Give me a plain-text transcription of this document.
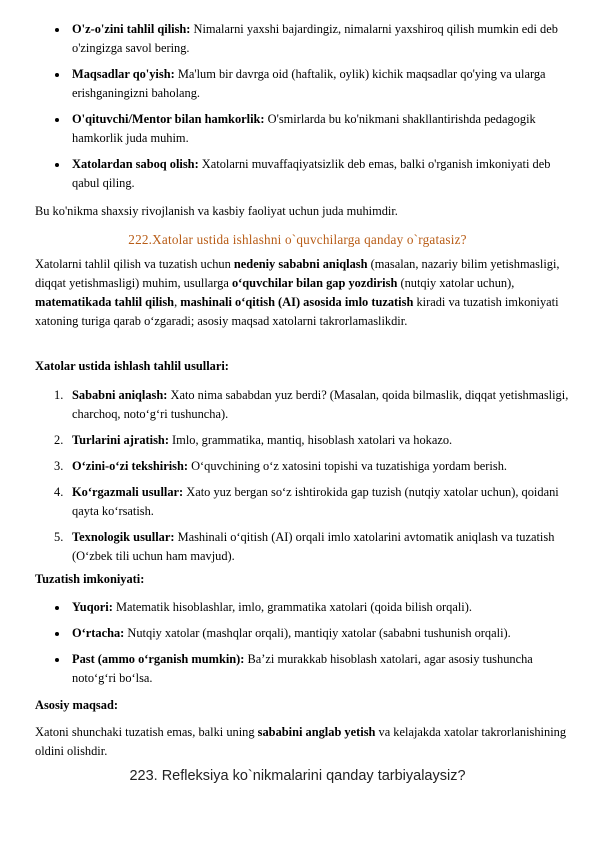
O'z-o'zini tahlil qilish: Nimalarni yaxshi bajardingiz, nimalarni yaxshiroq qilish mumkin edi deb o'zingizga savol bering.
Maqsadlar qo'yish: Ma'lum bir davrga oid (haftalik, oylik) kichik maqsadlar qo'ying va ularga erishganingizni baholang.
O'qituvchi/Mentor bilan hamkorlik: O'smirlarda bu ko'nikmani shakllantirishda pedagogik hamkorlik juda muhim.
Xatolardan saboq olish: Xatolarni muvaffaqiyatsizlik deb emas, balki o'rganish imkoniyati deb qabul qiling.
Bu ko'nikma shaxsiy rivojlanish va kasbiy faoliyat uchun juda muhimdir.
222.Xatolar ustida ishlashni o`quvchilarga qanday o`rgatasiz?
Xatolarni tahlil qilish va tuzatish uchun nedeniy sababni aniqlash (masalan, nazariy bilim yetishmasligi, diqqat yetishmasligi) muhim, usullarga o‘quvchilar bilan gap yozdirish (nutqiy xatolar uchun), matematikada tahlil qilish, mashinali o‘qitish (AI) asosida imlo tuzatish kiradi va tuzatish imkoniyati xatoning turiga qarab o‘zgaradi; asosiy maqsad xatolarni takrorlamaslikdir.
Xatolar ustida ishlash tahlil usullari:
1. Sababni aniqlash: Xato nima sababdan yuz berdi? (Masalan, qoida bilmaslik, diqqat yetishmasligi, charchoq, noto‘g‘ri tushuncha).
2. Turlarini ajratish: Imlo, grammatika, mantiq, hisoblash xatolari va hokazo.
3. O‘zini-o‘zi tekshirish: O‘quvchining o‘z xatosini topishi va tuzatishiga yordam berish.
4. Ko‘rgazmali usullar: Xato yuz bergan so‘z ishtirokida gap tuzish (nutqiy xatolar uchun), qoidani qayta ko‘rsatish.
5. Texnologik usullar: Mashinali o‘qitish (AI) orqali imlo xatolarini avtomatik aniqlash va tuzatish (O‘zbek tili uchun ham mavjud).
Tuzatish imkoniyati:
Yuqori: Matematik hisoblashlar, imlo, grammatika xatolari (qoida bilish orqali).
O‘rtacha: Nutqiy xatolar (mashqlar orqali), mantiqiy xatolar (sababni tushunish orqali).
Past (ammo o‘rganish mumkin): Ba’zi murakkab hisoblash xatolari, agar asosiy tushuncha noto‘g‘ri bo‘lsa.
Asosiy maqsad:
Xatoni shunchaki tuzatish emas, balki uning sababini anglab yetish va kelajakda xatolar takrorlanishining oldini olishdir.
223. Refleksiya ko`nikmalarini qanday tarbiyalaysiz?
